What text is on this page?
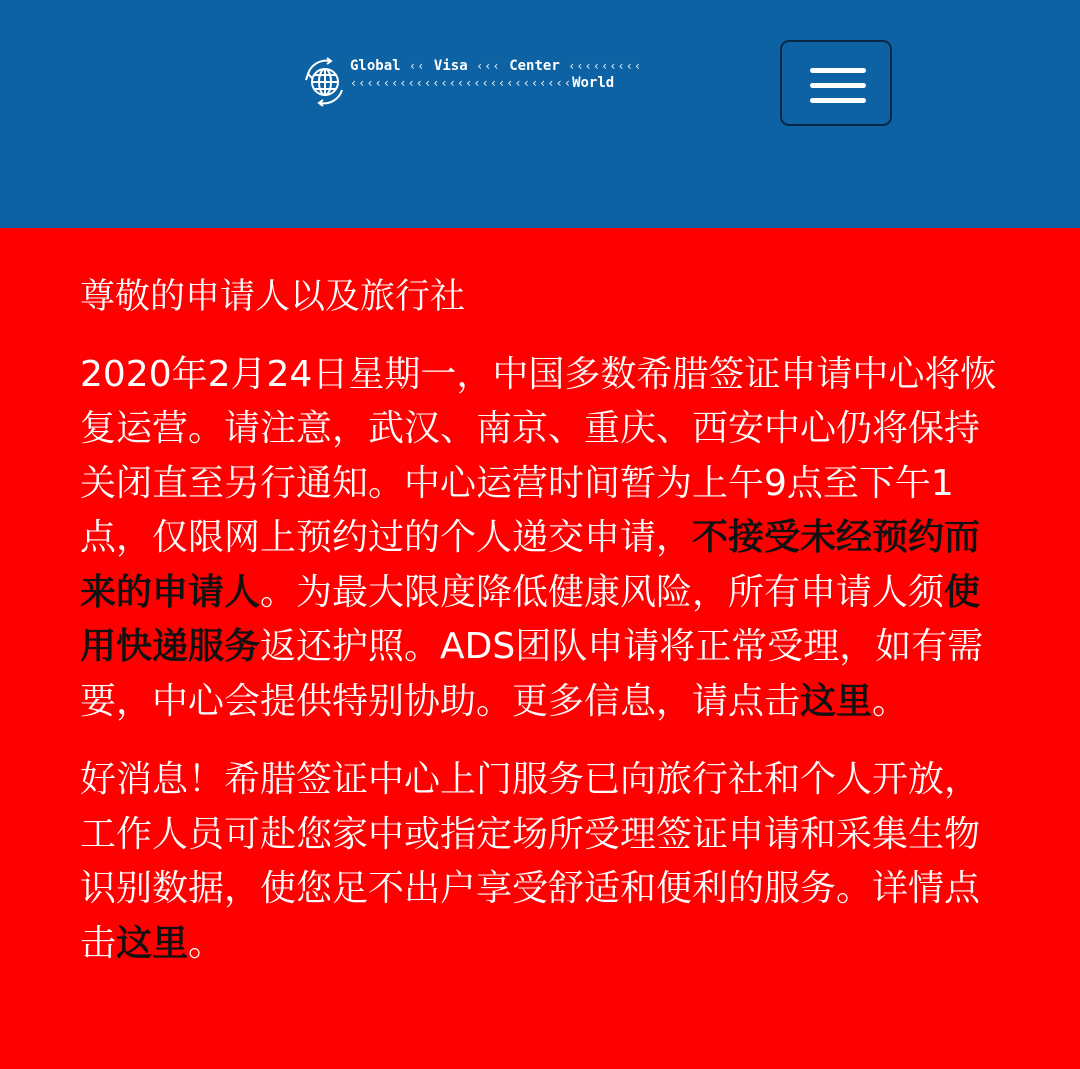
Global ‹‹ Visa ‹‹‹ Center ‹‹‹‹‹‹‹‹‹
‹‹‹‹‹‹‹‹‹‹‹‹‹‹‹‹‹‹‹‹‹‹‹‹‹‹‹World

尊敬的申请人以及旅行社

2020年2月24日星期一，中国多数希腊签证申请中心将恢复运营。请注意，武汉、南京、重庆、西安中心仍将保持关闭直至另行通知。中心运营时间暂为上午9点至下午1点，仅限网上预约过的个人递交申请，不接受未经预约而来的申请人。为最大限度降低健康风险，所有申请人须使用快递服务返还护照。ADS团队申请将正常受理，如有需要，中心会提供特别协助。更多信息，请点击这里。

好消息！希腊签证中心上门服务已向旅行社和个人开放，工作人员可赴您家中或指定场所受理签证申请和采集生物识别数据，使您足不出户享受舒适和便利的服务。详情点击这里。
